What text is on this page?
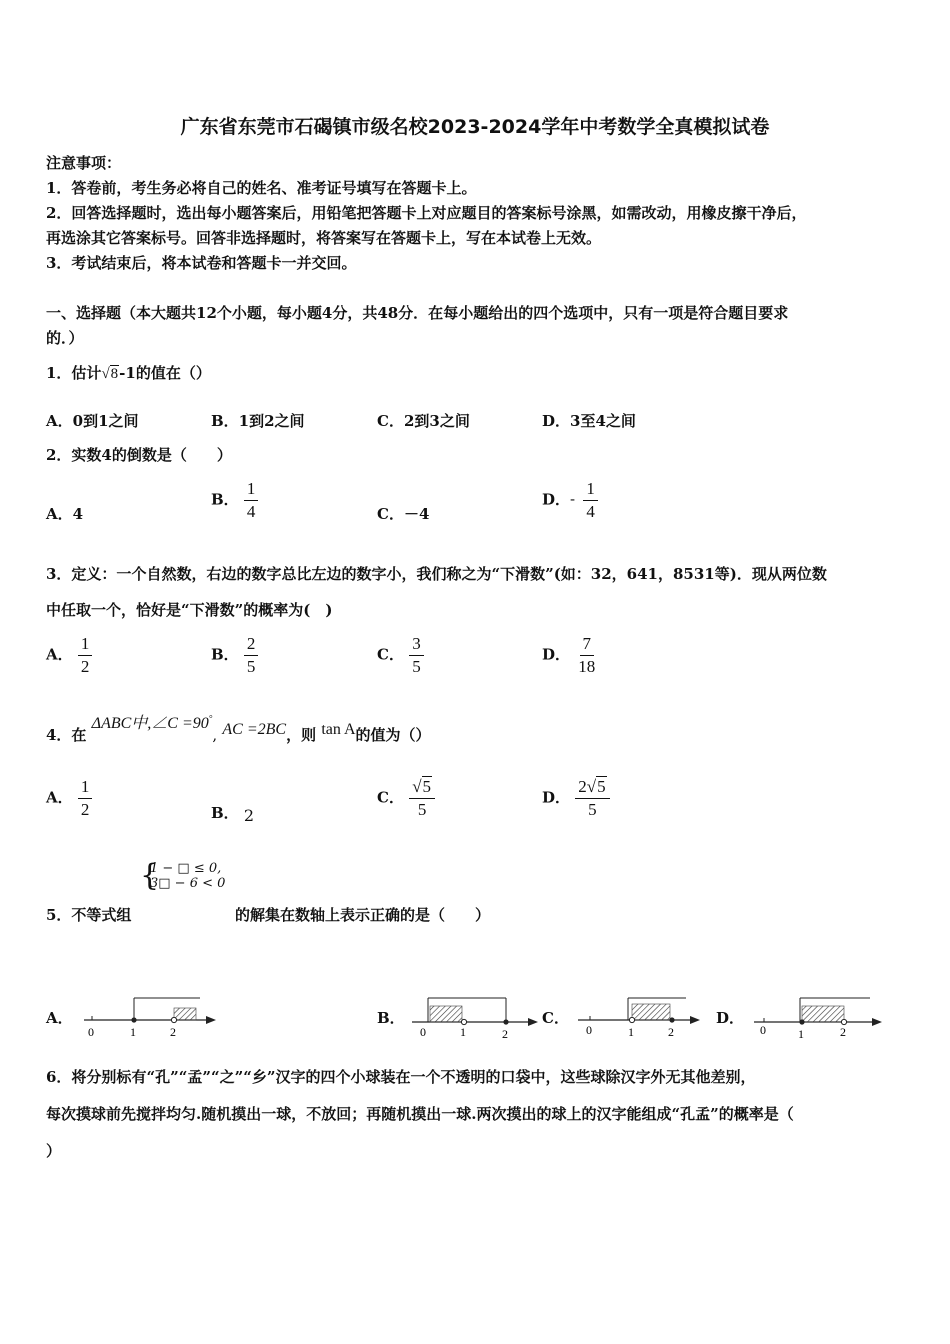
广东省东莞市石碣镇市级名校2023-2024学年中考数学全真模拟试卷
注意事项：
1．答卷前，考生务必将自己的姓名、准考证号填写在答题卡上。
2．回答选择题时，选出每小题答案后，用铅笔把答题卡上对应题目的答案标号涂黑，如需改动，用橡皮擦干净后，
再选涂其它答案标号。回答非选择题时，将答案写在答题卡上，写在本试卷上无效。
3．考试结束后，将本试卷和答题卡一并交回。
一、选择题（本大题共12个小题，每小题4分，共48分．在每小题给出的四个选项中，只有一项是符合题目要求
的．）
1．估计√8-1的值在（）
A．0到1之间	B．1到2之间	C．2到3之间	D．3至4之间
2．实数4的倒数是（　　）
A．4
B． $\frac{1}{4}$	C．－4
D．- $\frac{1}{4}$
3．定义：一个自然数，右边的数字总比左边的数字小，我们称之为“下滑数”(如：32，641，8531等)．现从两位数
中任取一个，恰好是“下滑数”的概率为(　)
A． $\frac{1}{2}$	B． $\frac{2}{5}$	C． $\frac{3}{5}$	D． $\frac{7}{18}$
4．在 ΔABC中,∠C =90°, AC =2BC，则 tan A的值为（）
A． $\frac{1}{2}$	B． 2
C． $\frac{√5}{5}$	D． $\frac{2√5}{5}$
{
1 − □ ≤ 0,
3□ − 6 < 0
5．不等式组	的解集在数轴上表示正确的是（　　）
A．
0	1	2
B．
0	1	2
C．
0	1	2
D．
0	1	2
6．将分别标有“孔”“孟”“之”“乡”汉字的四个小球装在一个不透明的口袋中，这些球除汉字外无其他差别，
每次摸球前先搅拌均匀.随机摸出一球，不放回；再随机摸出一球.两次摸出的球上的汉字能组成“孔孟”的概率是（
）
